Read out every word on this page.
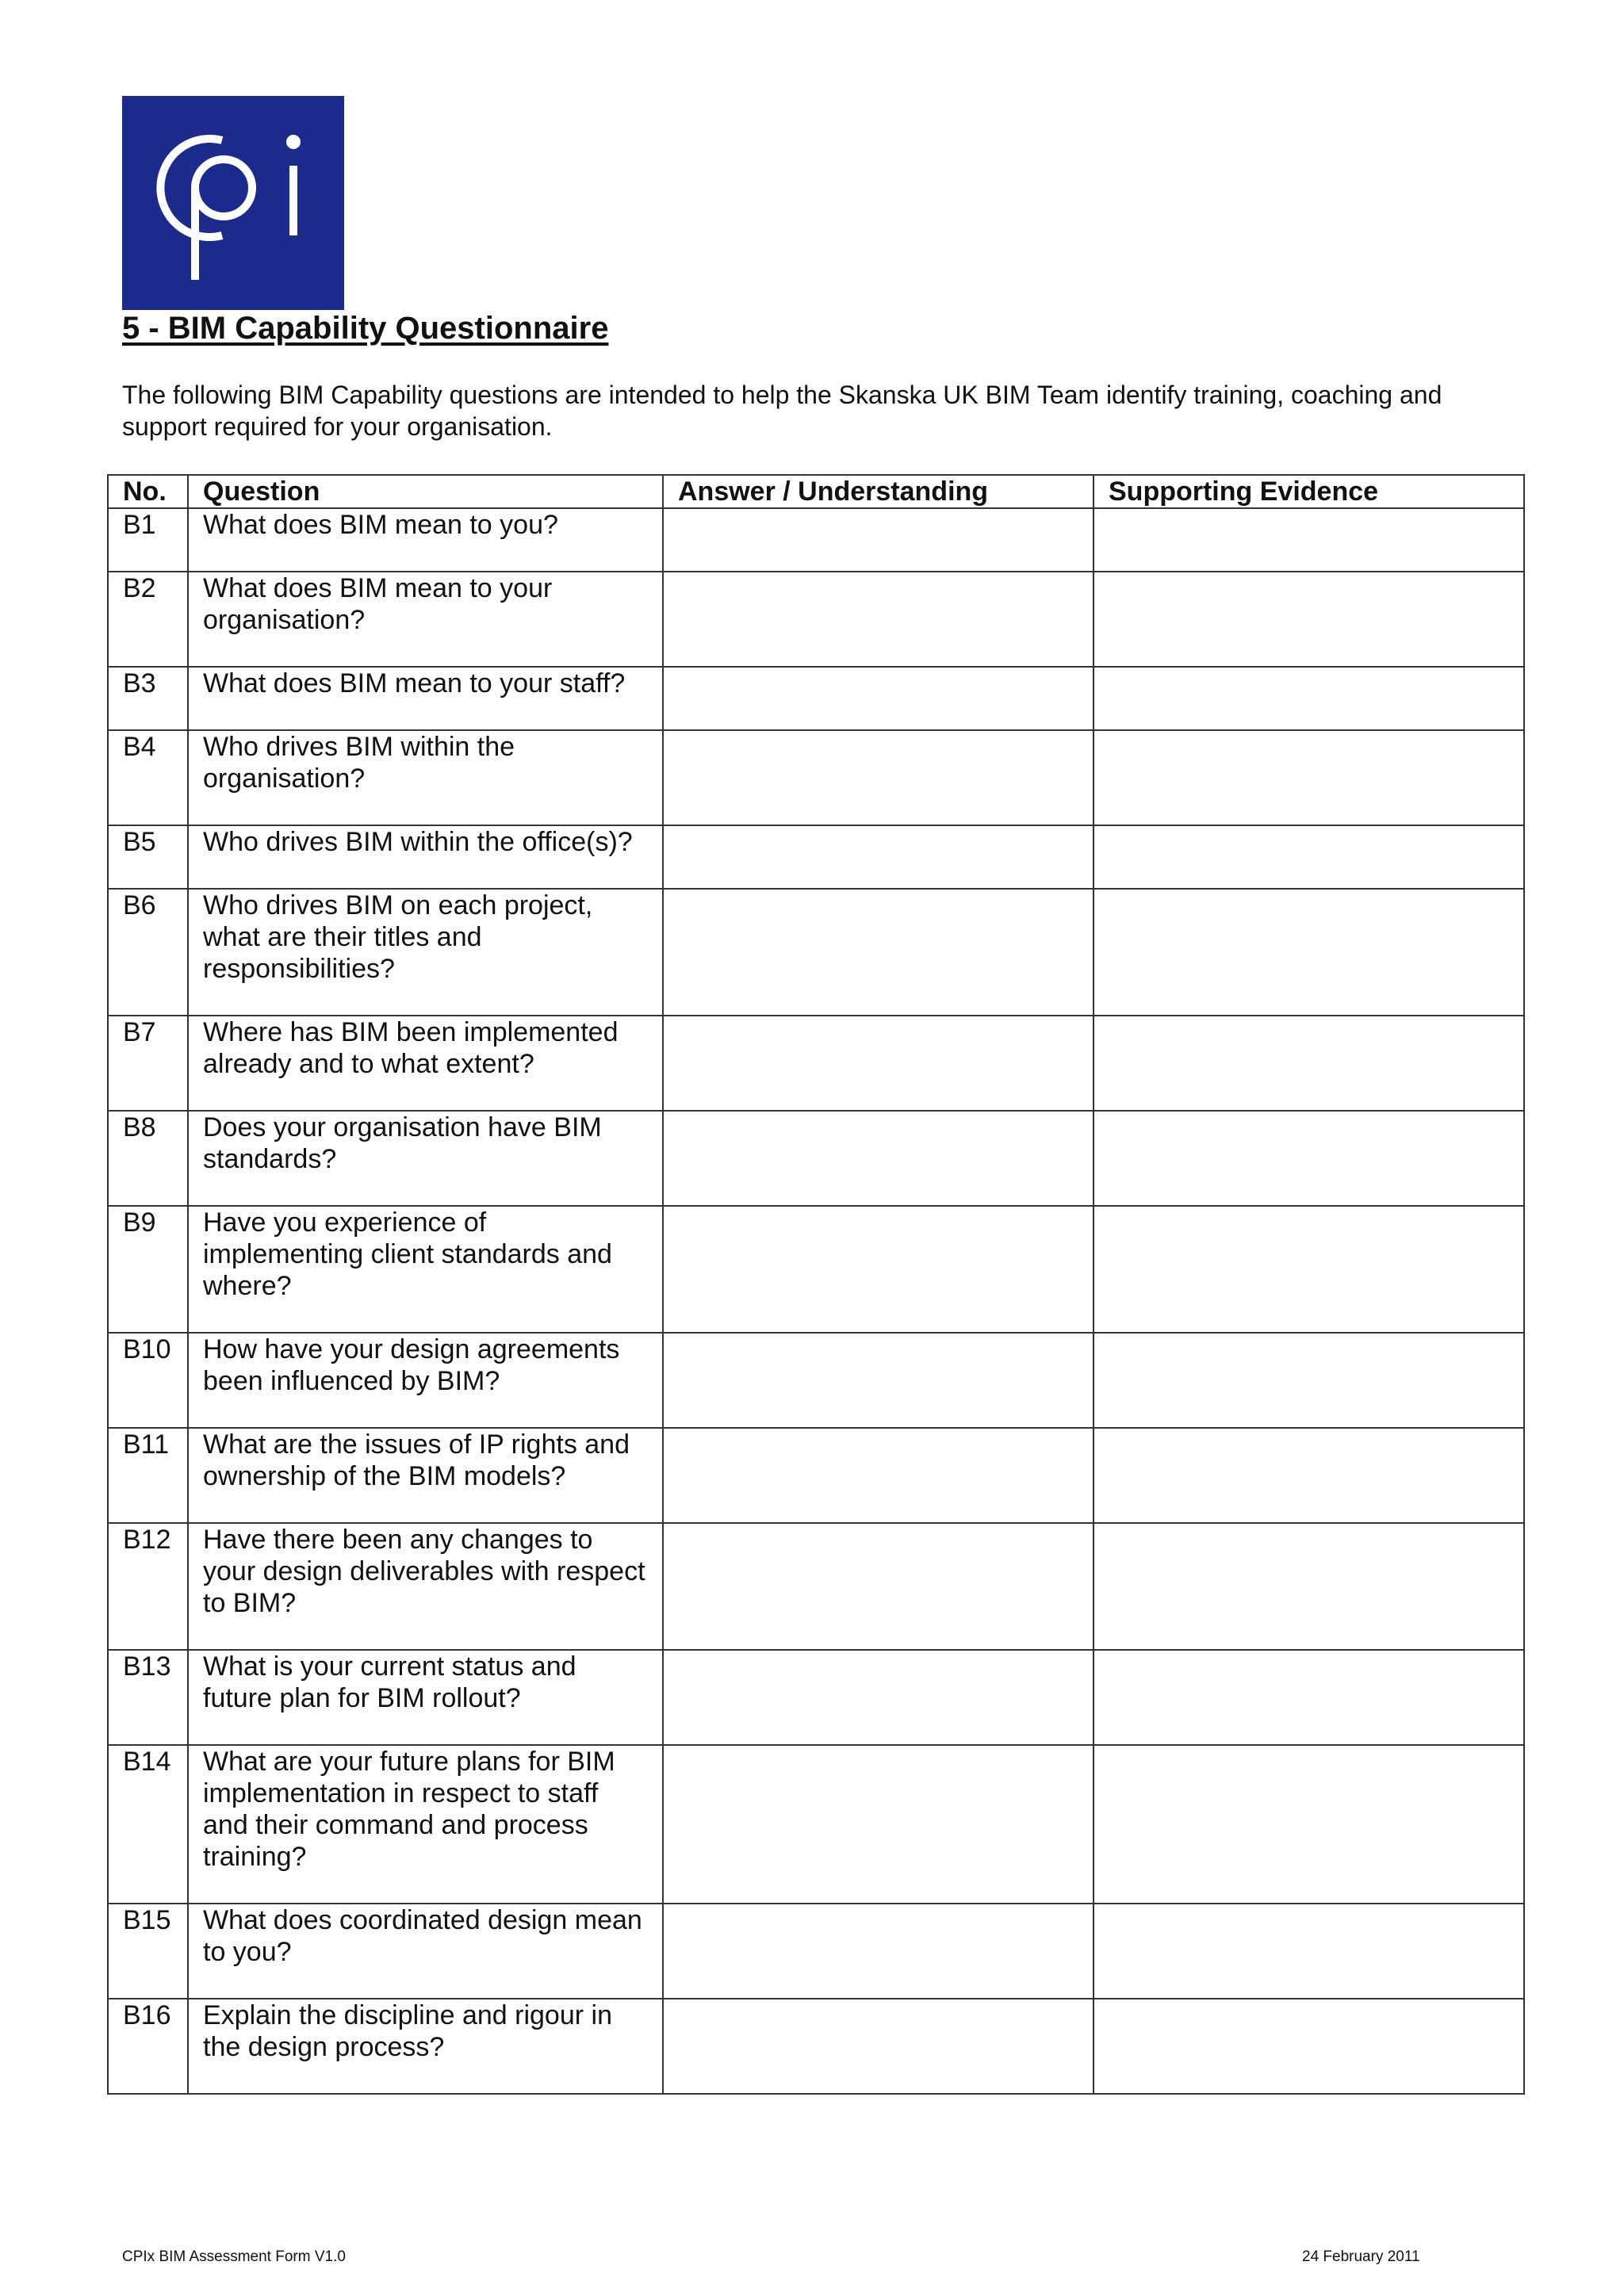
5 - BIM Capability Questionnaire
The following BIM Capability questions are intended to help the Skanska UK BIM Team identify training, coaching and support required for your organisation.
No.	Question	Answer / Understanding	Supporting Evidence
B1	What does BIM mean to you?		
B2	What does BIM mean to your organisation?		
B3	What does BIM mean to your staff?		
B4	Who drives BIM within the organisation?		
B5	Who drives BIM within the office(s)?		
B6	Who drives BIM on each project, what are their titles and responsibilities?		
B7	Where has BIM been implemented already and to what extent?		
B8	Does your organisation have BIM standards?		
B9	Have you experience of implementing client standards and where?		
B10	How have your design agreements been influenced by BIM?		
B11	What are the issues of IP rights and ownership of the BIM models?		
B12	Have there been any changes to your design deliverables with respect to BIM?		
B13	What is your current status and future plan for BIM rollout?		
B14	What are your future plans for BIM implementation in respect to staff and their command and process training?		
B15	What does coordinated design mean to you?		
B16	Explain the discipline and rigour in the design process?		
CPIx BIM Assessment Form V1.0	24 February 2011
